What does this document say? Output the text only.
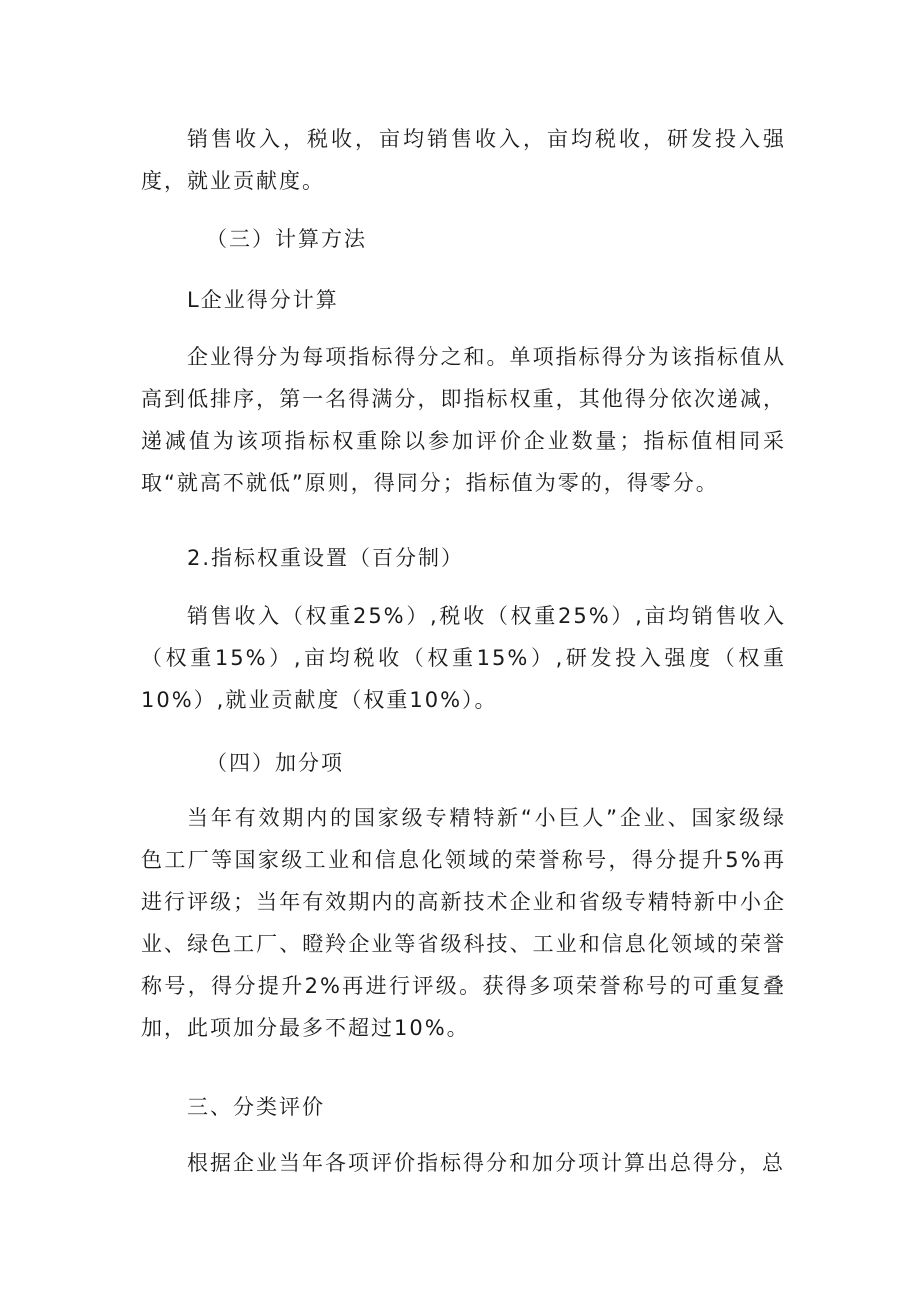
销售收入，税收，亩均销售收入，亩均税收，研发投入强度，就业贡献度。

（三）计算方法

L企业得分计算

企业得分为每项指标得分之和。单项指标得分为该指标值从高到低排序，第一名得满分，即指标权重，其他得分依次递减，递减值为该项指标权重除以参加评价企业数量；指标值相同采取“就高不就低”原则，得同分；指标值为零的，得零分。

2.指标权重设置（百分制）

销售收入（权重25%）,税收（权重25%）,亩均销售收入（权重15%）,亩均税收（权重15%）,研发投入强度（权重10%）,就业贡献度（权重10%）。

（四）加分项

当年有效期内的国家级专精特新“小巨人”企业、国家级绿色工厂等国家级工业和信息化领域的荣誉称号，得分提升5%再进行评级；当年有效期内的高新技术企业和省级专精特新中小企业、绿色工厂、瞪羚企业等省级科技、工业和信息化领域的荣誉称号，得分提升2%再进行评级。获得多项荣誉称号的可重复叠加，此项加分最多不超过10%。

三、分类评价

根据企业当年各项评价指标得分和加分项计算出总得分，总
